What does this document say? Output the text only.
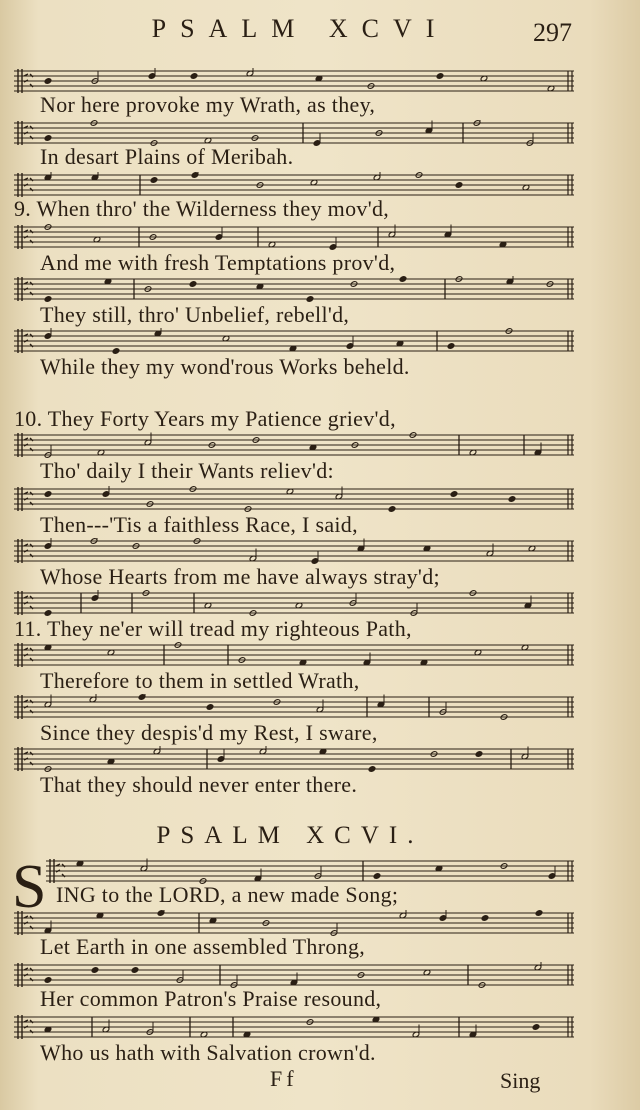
PSALM XCVI	297
Nor here provoke my Wrath, as they,
In desart Plains of Meribah.
9. When thro' the Wilderness they mov'd,
And me with fresh Temptations prov'd,
They still, thro' Unbelief, rebell'd,
While they my wond'rous Works beheld.
10. They Forty Years my Patience griev'd,
Tho' daily I their Wants reliev'd:
Then---'Tis a faithless Race, I said,
Whose Hearts from me have always stray'd;
11. They ne'er will tread my righteous Path,
Therefore to them in settled Wrath,
Since they despis'd my Rest, I sware,
That they should never enter there.
PSALM XCVI.
S ING to the LORD, a new made Song;
Let Earth in one assembled Throng,
Her common Patron's Praise resound,
Who us hath with Salvation crown'd.
Ff	Sing
